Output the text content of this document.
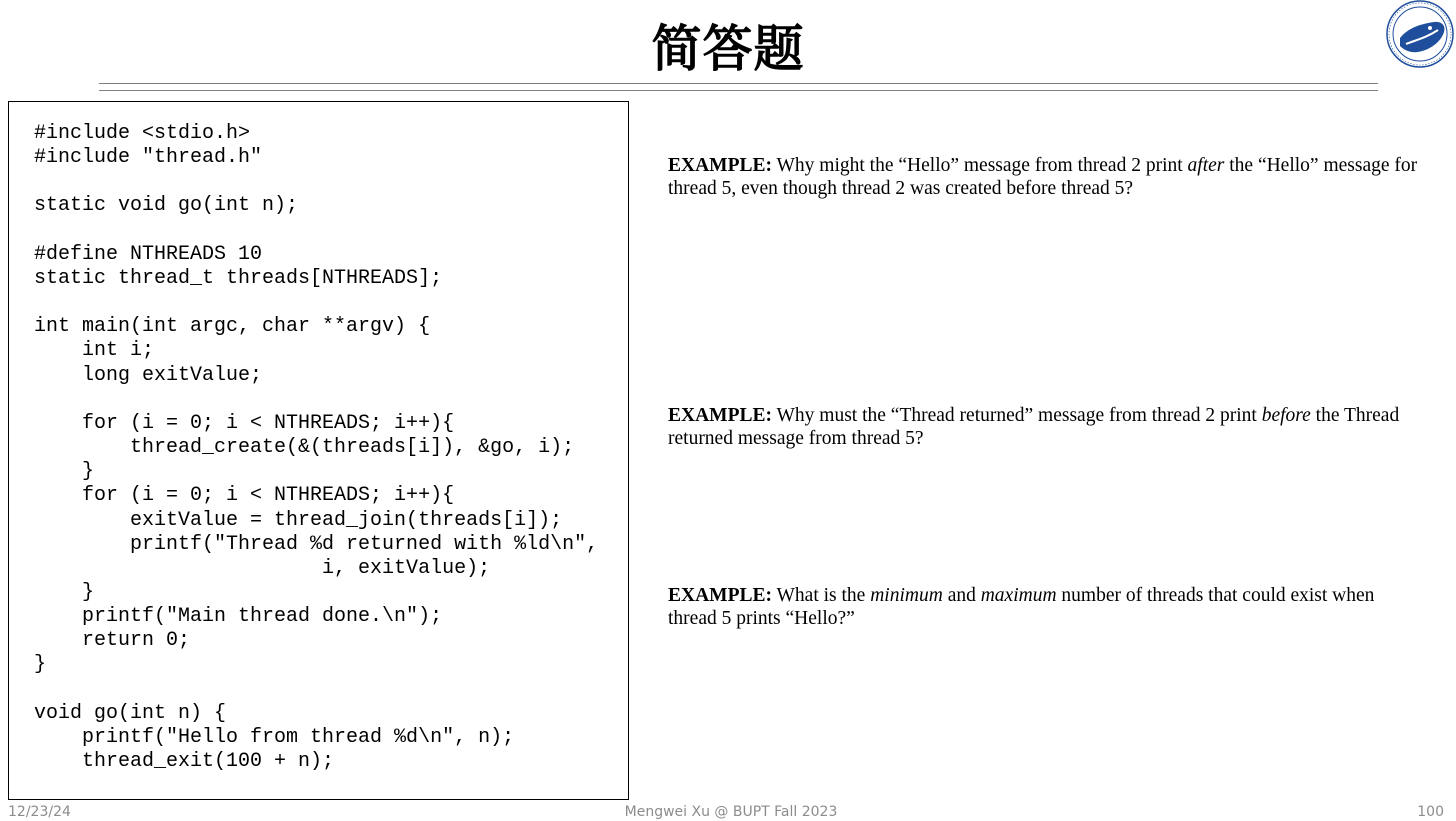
简答题
#include <stdio.h>
#include "thread.h"

static void go(int n);

#define NTHREADS 10
static thread_t threads[NTHREADS];

int main(int argc, char **argv) {
int i;
long exitValue;

for (i = 0; i < NTHREADS; i++){
thread_create(&(threads[i]), &go, i);
}
for (i = 0; i < NTHREADS; i++){
exitValue = thread_join(threads[i]);
printf("Thread %d returned with %ld\n",
i, exitValue);
}
printf("Main thread done.\n");
return 0;
}

void go(int n) {
printf("Hello from thread %d\n", n);
thread_exit(100 + n);

EXAMPLE: Why might the “Hello” message from thread 2 print after the “Hello” message for thread 5, even though thread 2 was created before thread 5?

EXAMPLE: Why must the “Thread returned” message from thread 2 print before the Thread returned message from thread 5?

EXAMPLE: What is the minimum and maximum number of threads that could exist when thread 5 prints “Hello?”

12/23/24	Mengwei Xu @ BUPT Fall 2023	100
